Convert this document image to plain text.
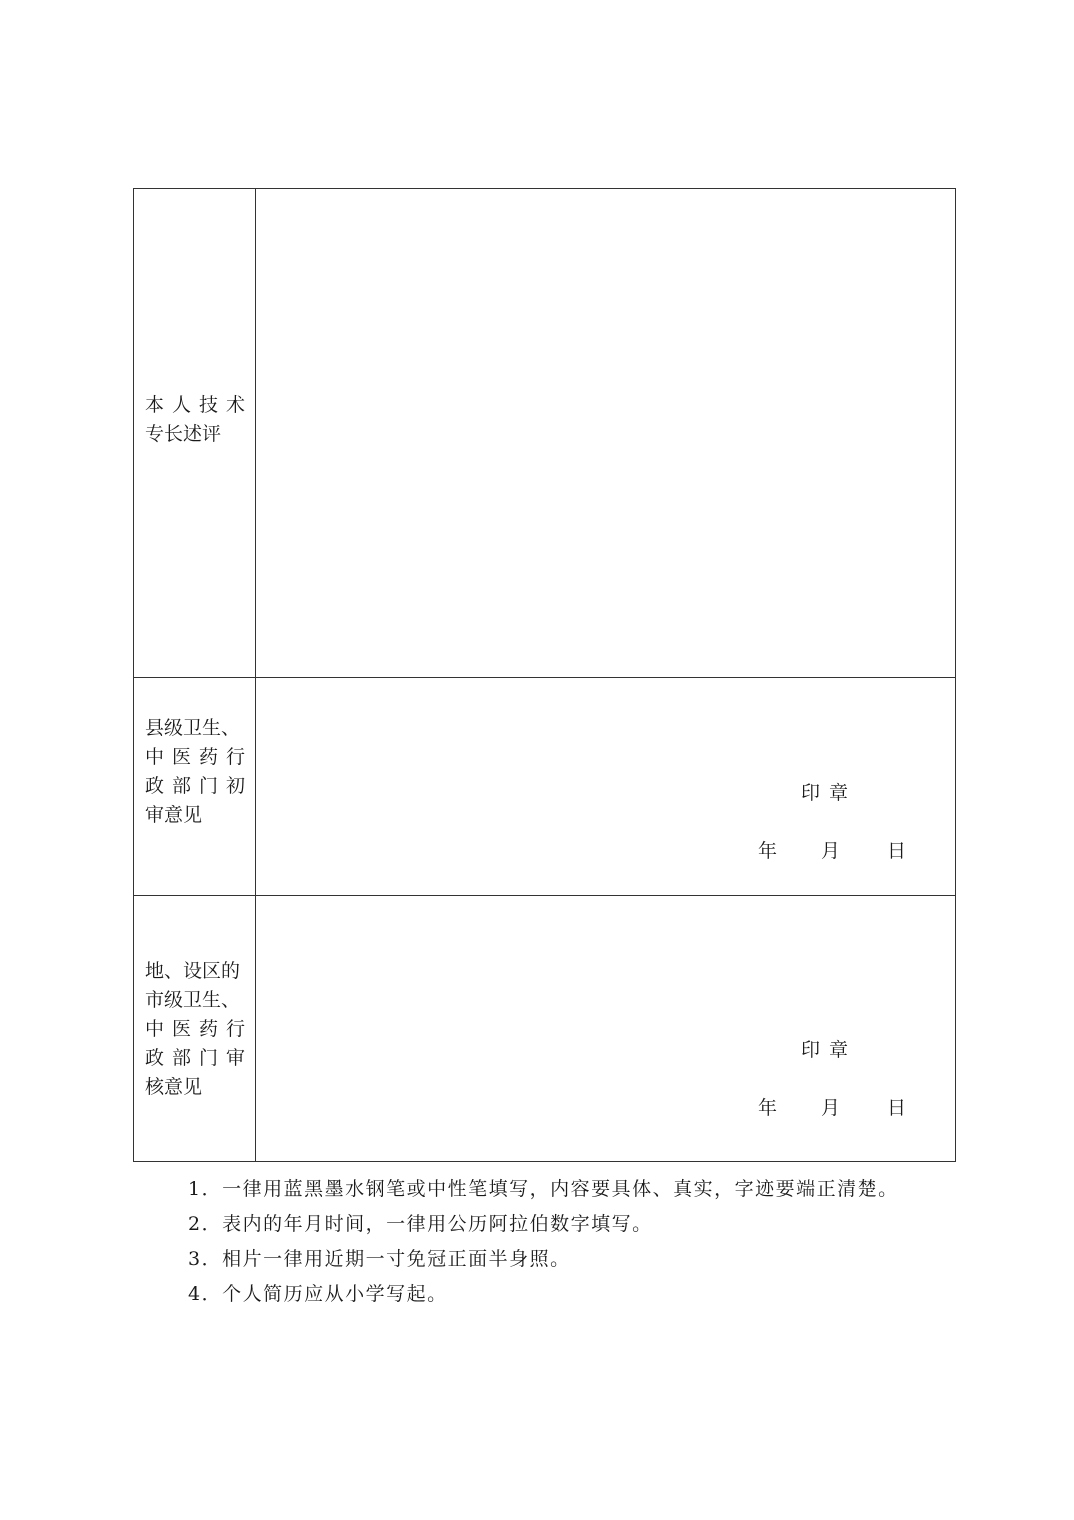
本人技术
专长述评
县级卫生、
中医药行
政部门初
审意见
印章
年 月 日
地、设区的
市级卫生、
中医药行
政部门审
核意见
印章
年 月 日
1．一律用蓝黑墨水钢笔或中性笔填写，内容要具体、真实，字迹要端正清楚。
2．表内的年月时间，一律用公历阿拉伯数字填写。
3．相片一律用近期一寸免冠正面半身照。
4．个人简历应从小学写起。
